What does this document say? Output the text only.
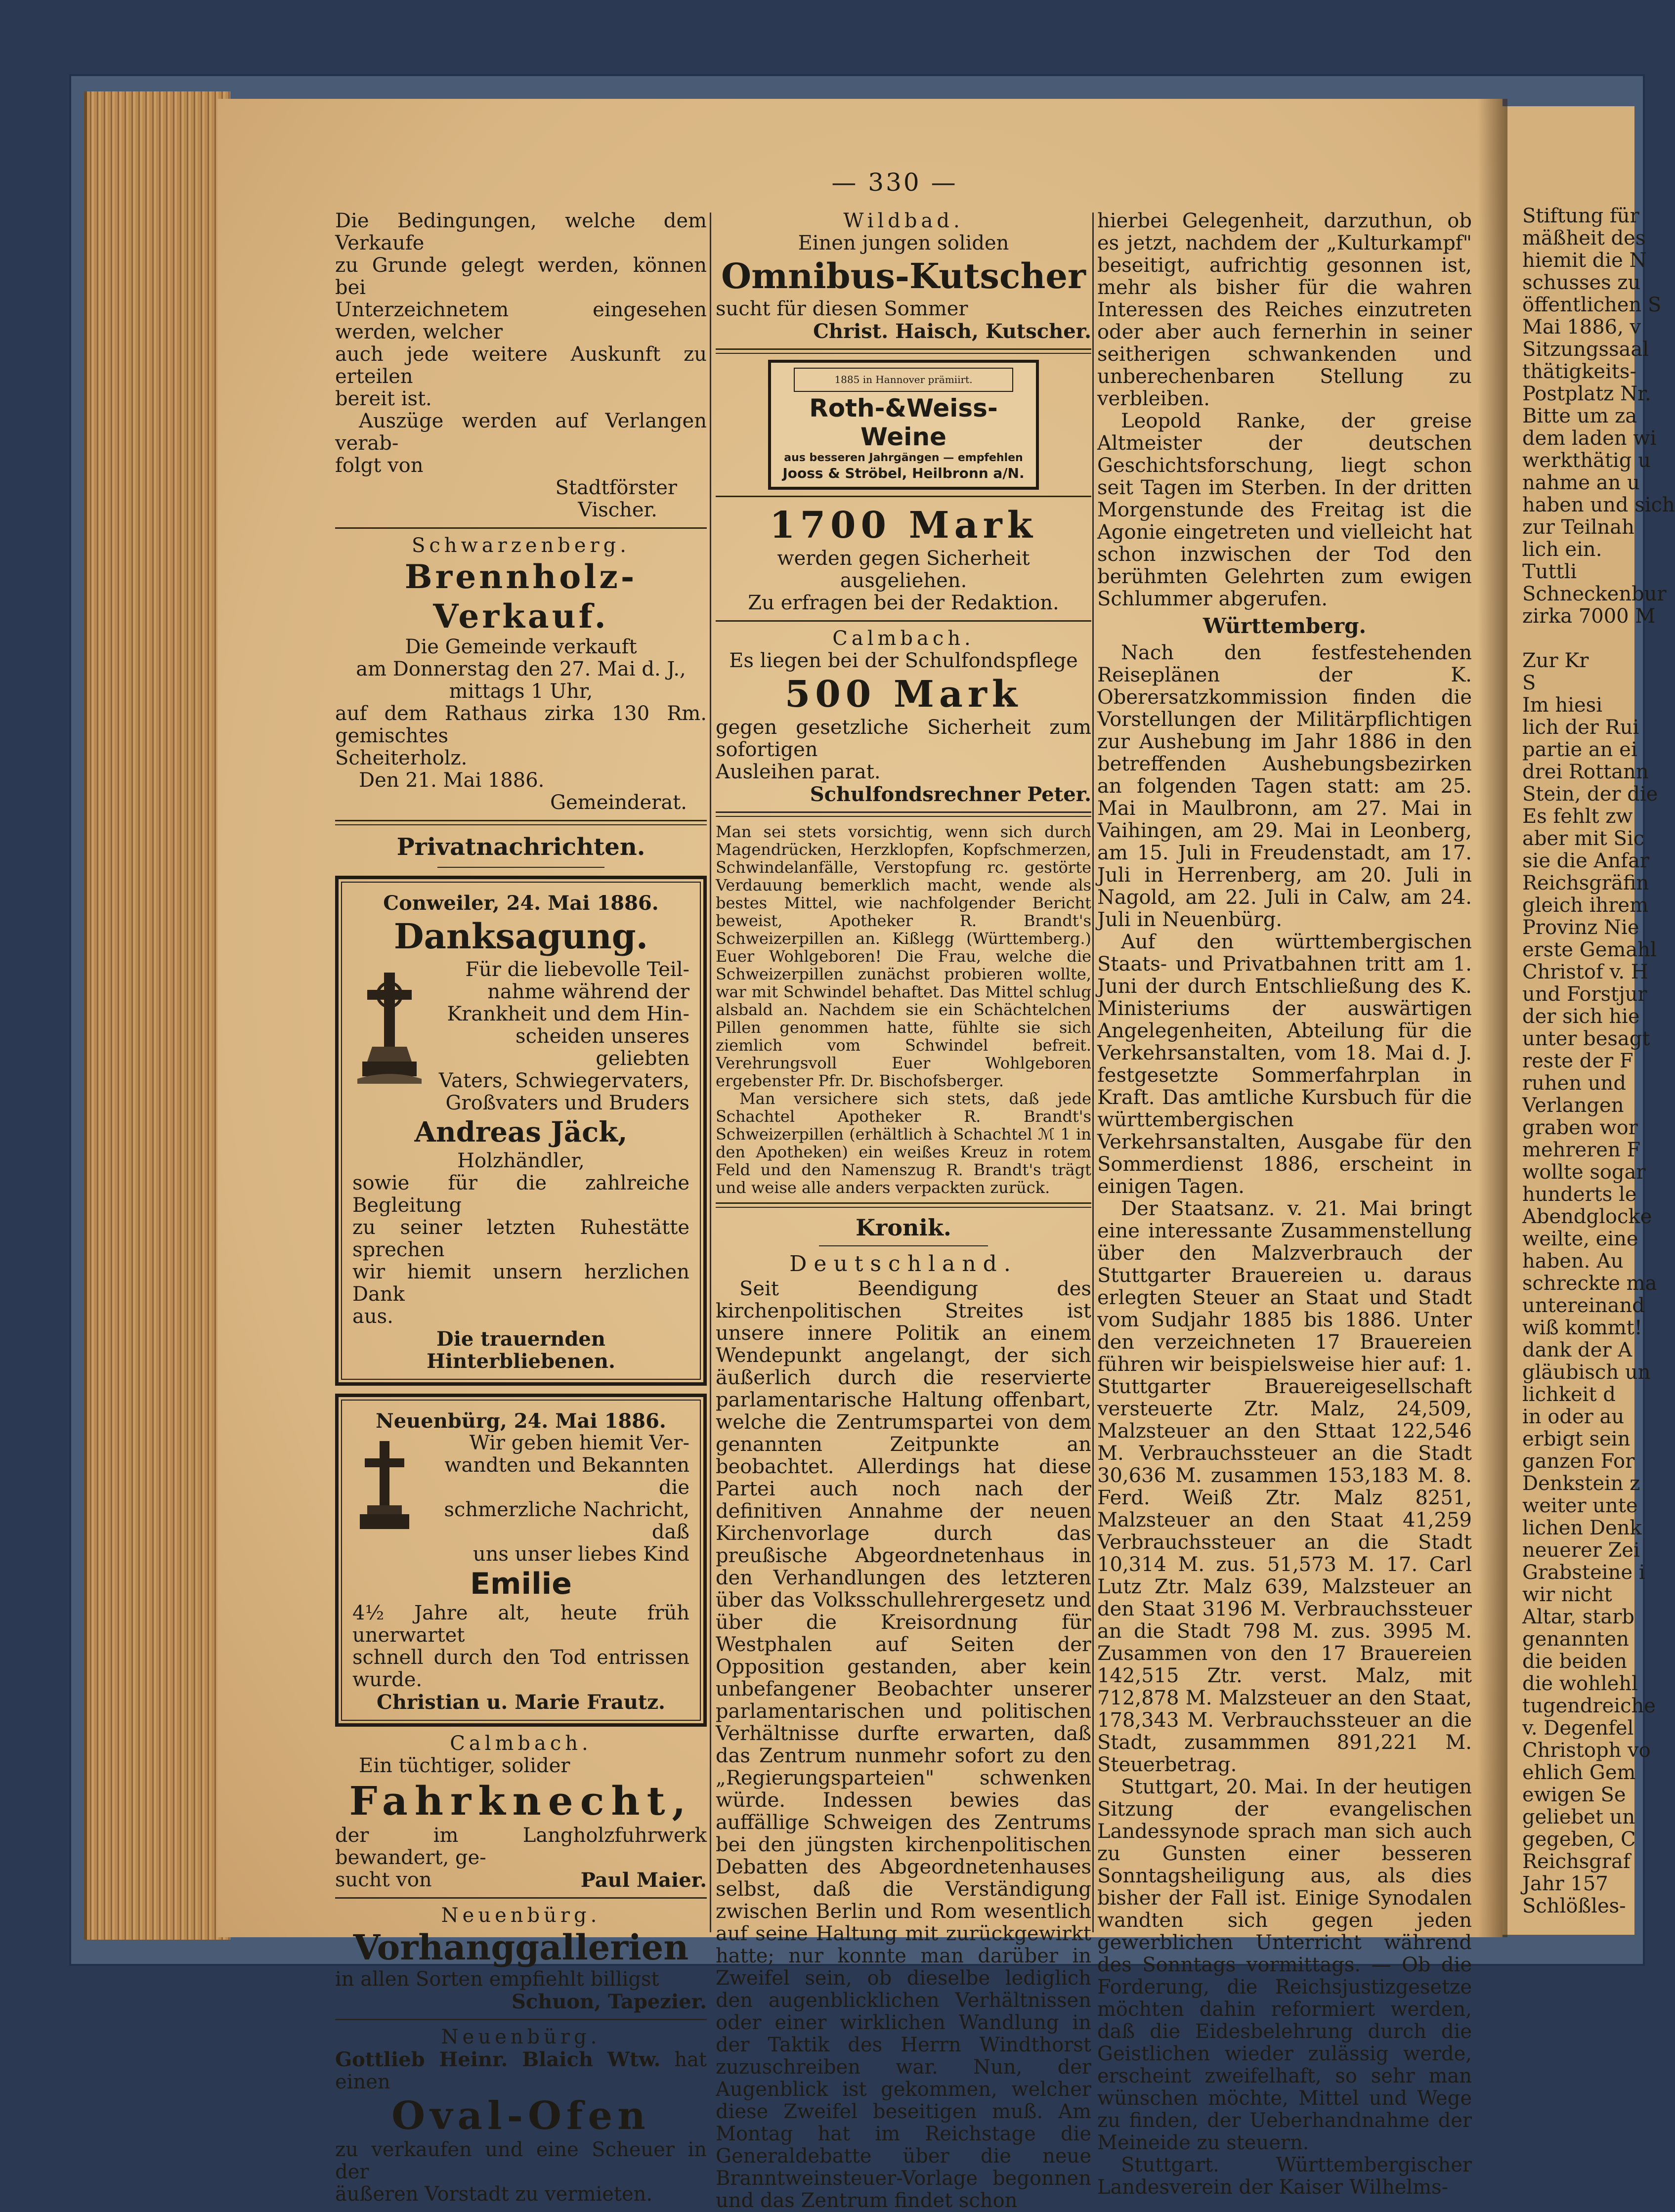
Stiftung für
mäßheit des
hiemit die N
schusses zu
öffentlichen S
Mai 1886, v
Sitzungssaal
thätigkeits-
Postplatz Nr.
Bitte um za
dem laden wi
werkthätig u
nahme an u
haben und sich
zur Teilnah
lich ein.
Tuttli
Schneckenbur
zirka 7000 M

Zur Kr
S
Im hiesi
lich der Rui
partie an ei
drei Rottann
Stein, der die
Es fehlt zw
aber mit Sic
sie die Anfar
Reichsgräfin
gleich ihrem
Provinz Nie
erste Gemahl
Christof v. H
und Forstjur
der sich hie
unter besagt
reste der F
ruhen und
Verlangen
graben wor
mehreren F
wollte sogar
hunderts le
Abendglocke
weilte, eine
haben. Au
schreckte ma
untereinand
wiß kommt!
dank der A
gläubisch un
lichkeit d
in oder au
erbigt sein
ganzen For
Denkstein z
weiter unte
lichen Denk
neuerer Zei
Grabsteine i
wir nicht
Altar, starb
genannten
die beiden
die wohlehl
tugendreiche
v. Degenfel
Christoph vo
ehlich Gem
ewigen Se
geliebet un
gegeben, C
Reichsgraf
Jahr 157
Schlößles-
— 330 —

Die Bedingungen, welche dem Verkaufe

zu Grunde gelegt werden, können bei

Unterzeichnetem eingesehen werden, welcher

auch jede weitere Auskunft zu erteilen

bereit ist.

Auszüge werden auf Verlangen verab-

folgt von

Stadtförster

Vischer.

Schwarzenberg.

Brennholz-Verkauf.

Die Gemeinde verkauft

am Donnerstag den 27. Mai d. J.,

mittags 1 Uhr,

auf dem Rathaus zirka 130 Rm. gemischtes

Scheiterholz.

Den 21. Mai 1886.

Gemeinderat.

Privatnachrichten.

Conweiler, 24. Mai 1886.

Danksagung.

Für die liebevolle Teil-

nahme während der

Krankheit und dem Hin-

scheiden unseres geliebten

Vaters, Schwiegervaters,

Großvaters und Bruders

Andreas Jäck,

Holzhändler,

sowie für die zahlreiche Begleitung

zu seiner letzten Ruhestätte sprechen

wir hiemit unsern herzlichen Dank

aus.

Die trauernden Hinterbliebenen.

Neuenbürg, 24. Mai 1886.

Wir geben hiemit Ver-

wandten und Bekannten die

schmerzliche Nachricht, daß

uns unser liebes Kind

Emilie

4½ Jahre alt, heute früh unerwartet

schnell durch den Tod entrissen wurde.

Christian u. Marie Frautz.

Calmbach.

Ein tüchtiger, solider

Fahrknecht,

der im Langholzfuhrwerk bewandert, ge-

sucht von	Paul Maier.

Neuenbürg.

Vorhanggallerien

in allen Sorten empfiehlt billigst

Schuon, Tapezier.

Neuenbürg.

Gottlieb Heinr. Blaich Wtw. hat einen

Oval-Ofen

zu verkaufen und eine Scheuer in der

äußeren Vorstadt zu vermieten.

Wildbad.

Einen jungen soliden

Omnibus-Kutscher

sucht für diesen Sommer

Christ. Haisch, Kutscher.

1885 in Hannover prämiirt.
Roth-&Weiss-Weine
aus besseren Jahrgängen — empfehlen
Jooss & Ströbel, Heilbronn a/N.

1700 Mark

werden gegen Sicherheit ausgeliehen.

Zu erfragen bei der Redaktion.

Calmbach.

Es liegen bei der Schulfondspflege

500 Mark

gegen gesetzliche Sicherheit zum sofortigen

Ausleihen parat.

Schulfondsrechner Peter.

Man sei stets vorsichtig, wenn sich durch Magendrücken, Herzklopfen, Kopfschmerzen, Schwindelanfälle, Verstopfung rc. gestörte Verdauung bemerklich macht, wende als bestes Mittel, wie nachfolgender Bericht beweist, Apotheker R. Brandt's Schweizerpillen an. Kißlegg (Württemberg.) Euer Wohlgeboren! Die Frau, welche die Schweizerpillen zunächst probieren wollte, war mit Schwindel behaftet. Das Mittel schlug alsbald an. Nachdem sie ein Schächtelchen Pillen genommen hatte, fühlte sie sich ziemlich vom Schwindel befreit. Verehrungsvoll Euer Wohlgeboren ergebenster Pfr. Dr. Bischofsberger.

Man versichere sich stets, daß jede Schachtel Apotheker R. Brandt's Schweizerpillen (erhältlich à Schachtel ℳ 1 in den Apotheken) ein weißes Kreuz in rotem Feld und den Namenszug R. Brandt's trägt und weise alle anders verpackten zurück.

Kronik.

Deutschland.

Seit Beendigung des kirchenpolitischen Streites ist unsere innere Politik an einem Wendepunkt angelangt, der sich äußerlich durch die reservierte parlamentarische Haltung offenbart, welche die Zentrumspartei von dem genannten Zeitpunkte an beobachtet. Allerdings hat diese Partei auch noch nach der definitiven Annahme der neuen Kirchenvorlage durch das preußische Abgeordnetenhaus in den Verhandlungen des letzteren über das Volksschullehrergesetz und über die Kreisordnung für Westphalen auf Seiten der Opposition gestanden, aber kein unbefangener Beobachter unserer parlamentarischen und politischen Verhältnisse durfte erwarten, daß das Zentrum nunmehr sofort zu den „Regierungsparteien" schwenken würde. Indessen bewies das auffällige Schweigen des Zentrums bei den jüngsten kirchenpolitischen Debatten des Abgeordnetenhauses selbst, daß die Verständigung zwischen Berlin und Rom wesentlich auf seine Haltung mit zurückgewirkt hatte; nur konnte man darüber in Zweifel sein, ob dieselbe lediglich den augenblicklichen Verhältnissen oder einer wirklichen Wandlung in der Taktik des Herrn Windthorst zuzuschreiben war. Nun, der Augenblick ist gekommen, welcher diese Zweifel beseitigen muß. Am Montag hat im Reichstage die Generaldebatte über die neue Branntweinsteuer-Vorlage begonnen und das Zentrum findet schon

hierbei Gelegenheit, darzuthun, ob es jetzt, nachdem der „Kulturkampf" beseitigt, aufrichtig gesonnen ist, mehr als bisher für die wahren Interessen des Reiches einzutreten oder aber auch fernerhin in seiner seitherigen schwankenden und unberechenbaren Stellung zu verbleiben.

Leopold Ranke, der greise Altmeister der deutschen Geschichtsforschung, liegt schon seit Tagen im Sterben. In der dritten Morgenstunde des Freitag ist die Agonie eingetreten und vielleicht hat schon inzwischen der Tod den berühmten Gelehrten zum ewigen Schlummer abgerufen.

Württemberg.

Nach den festfestehenden Reiseplänen der K. Oberersatzkommission finden die Vorstellungen der Militärpflichtigen zur Aushebung im Jahr 1886 in den betreffenden Aushebungsbezirken an folgenden Tagen statt: am 25. Mai in Maulbronn, am 27. Mai in Vaihingen, am 29. Mai in Leonberg, am 15. Juli in Freudenstadt, am 17. Juli in Herrenberg, am 20. Juli in Nagold, am 22. Juli in Calw, am 24. Juli in Neuenbürg.

Auf den württembergischen Staats- und Privatbahnen tritt am 1. Juni der durch Entschließung des K. Ministeriums der auswärtigen Angelegenheiten, Abteilung für die Verkehrsanstalten, vom 18. Mai d. J. festgesetzte Sommerfahrplan in Kraft. Das amtliche Kursbuch für die württembergischen Verkehrsanstalten, Ausgabe für den Sommerdienst 1886, erscheint in einigen Tagen.

Der Staatsanz. v. 21. Mai bringt eine interessante Zusammenstellung über den Malzverbrauch der Stuttgarter Brauereien u. daraus erlegten Steuer an Staat und Stadt vom Sudjahr 1885 bis 1886. Unter den verzeichneten 17 Brauereien führen wir beispielsweise hier auf: 1. Stuttgarter Brauereigesellschaft versteuerte Ztr. Malz, 24,509, Malzsteuer an den Sttaat 122,546 M. Verbrauchssteuer an die Stadt 30,636 M. zusammen 153,183 M. 8. Ferd. Weiß Ztr. Malz 8251, Malzsteuer an den Staat 41,259 Verbrauchssteuer an die Stadt 10,314 M. zus. 51,573 M. 17. Carl Lutz Ztr. Malz 639, Malzsteuer an den Staat 3196 M. Verbrauchssteuer an die Stadt 798 M. zus. 3995 M. Zusammen von den 17 Brauereien 142,515 Ztr. verst. Malz, mit 712,878 M. Malzsteuer an den Staat, 178,343 M. Verbrauchssteuer an die Stadt, zusammmen 891,221 M. Steuerbetrag.

Stuttgart, 20. Mai. In der heutigen Sitzung der evangelischen Landessynode sprach man sich auch zu Gunsten einer besseren Sonntagsheiligung aus, als dies bisher der Fall ist. Einige Synodalen wandten sich gegen jeden gewerblichen Unterricht während des Sonntags vormittags. — Ob die Forderung, die Reichsjustizgesetze möchten dahin reformiert werden, daß die Eidesbelehrung durch die Geistlichen wieder zulässig werde, erscheint zweifelhaft, so sehr man wünschen möchte, Mittel und Wege zu finden, der Ueberhandnahme der Meineide zu steuern.

Stuttgart. Württembergischer Landesverein der Kaiser Wilhelms-
